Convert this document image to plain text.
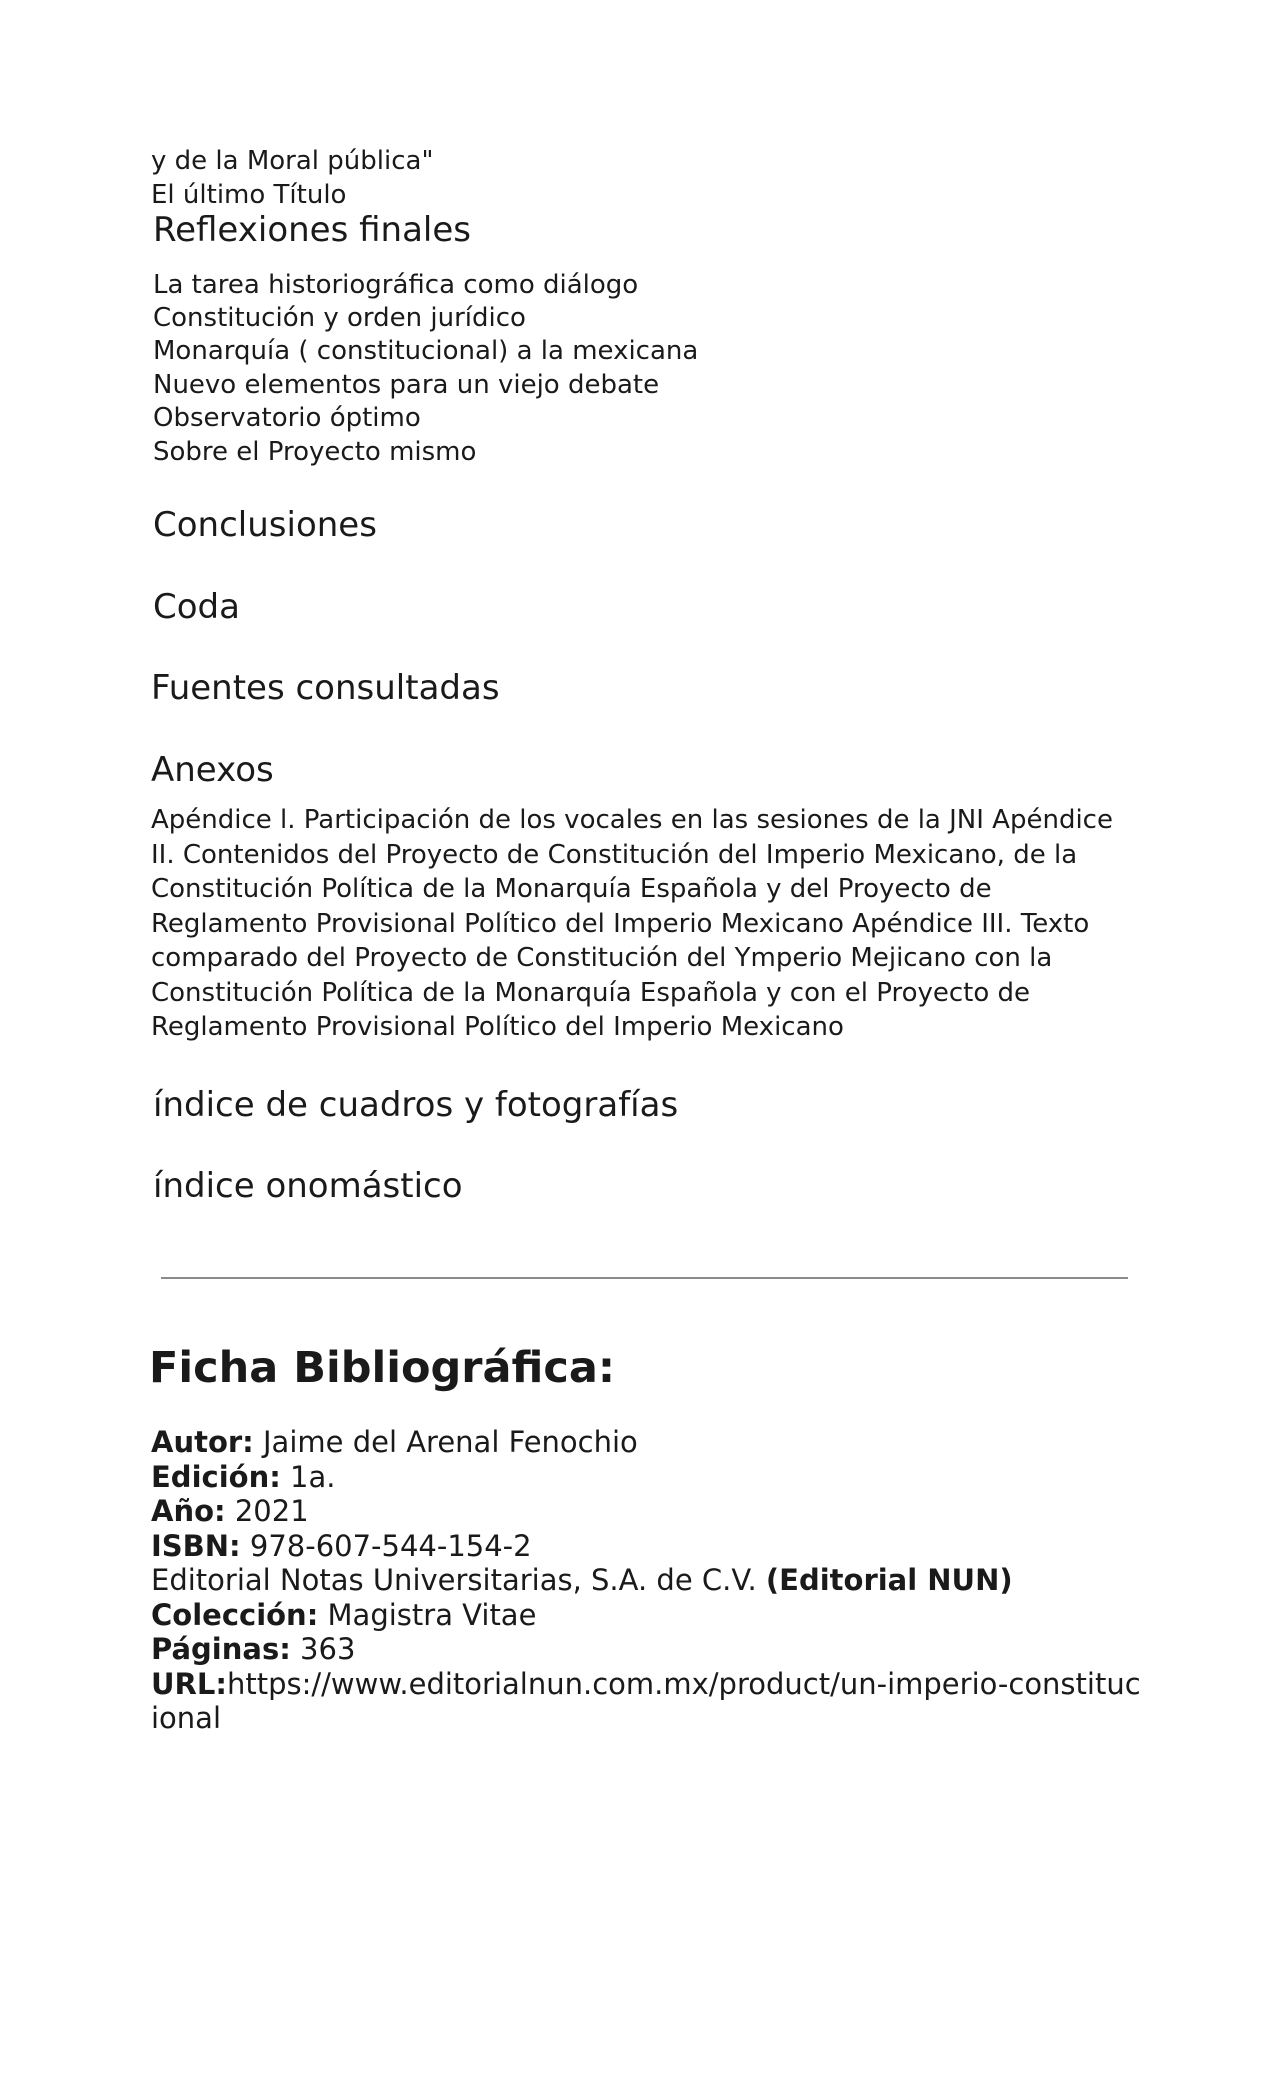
y de la Moral pública"
El último Título
Reflexiones finales
La tarea historiográfica como diálogo
Constitución y orden jurídico
Monarquía ( constitucional) a la mexicana
Nuevo elementos para un viejo debate
Observatorio óptimo
Sobre el Proyecto mismo
Conclusiones
Coda
Fuentes consultadas
Anexos
Apéndice l. Participación de los vocales en las sesiones de la JNI Apéndice II. Contenidos del Proyecto de Constitución del Imperio Mexicano, de la Constitución Política de la Monarquía Española y del Proyecto de Reglamento Provisional Político del Imperio Mexicano Apéndice III. Texto comparado del Proyecto de Constitución del Ymperio Mejicano con la Constitución Política de la Monarquía Española y con el Proyecto de Reglamento Provisional Político del Imperio Mexicano
índice de cuadros y fotografías
índice onomástico
Ficha Bibliográfica:
Autor: Jaime del Arenal Fenochio
Edición: 1a.
Año: 2021
ISBN: 978-607-544-154-2
Editorial Notas Universitarias, S.A. de C.V. (Editorial NUN)
Colección: Magistra Vitae
Páginas: 363
URL:https://www.editorialnun.com.mx/product/un-imperio-constitucional
